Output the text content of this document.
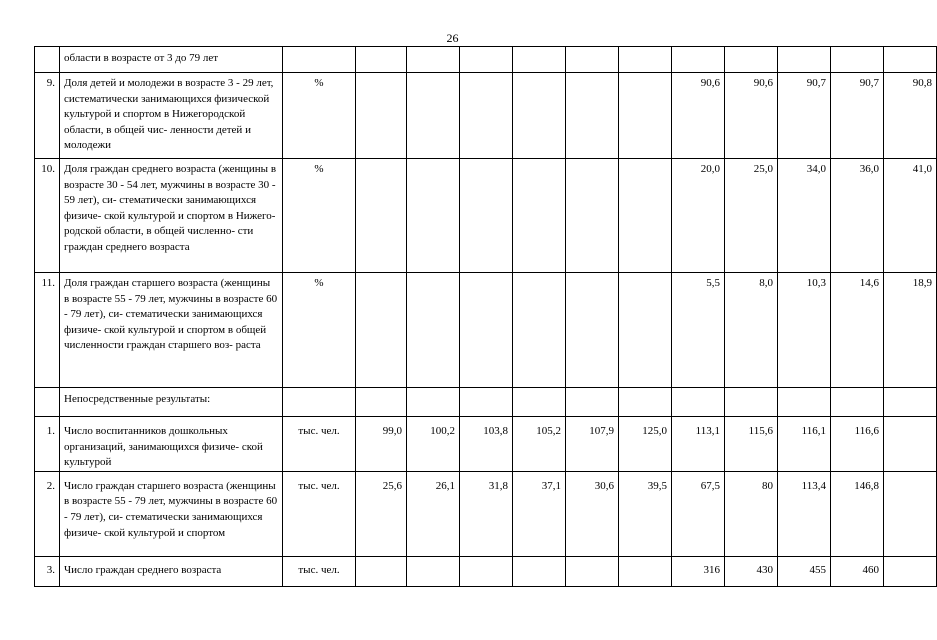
26
	области в возрасте от 3 до 79 лет												
9.	Доля детей и молодежи в возрасте 3 - 29 лет, систематически занимающихся физической культурой и спортом в Нижегородской области, в общей чис- ленности детей и молодежи	%							90,6	90,6	90,7	90,7	90,8
10.	Доля граждан среднего возраста (женщины в возрасте 30 - 54 лет, мужчины в возрасте 30 - 59 лет), си- стематически занимающихся физиче- ской культурой и спортом в Нижего- родской области, в общей численно- сти граждан среднего возраста	%							20,0	25,0	34,0	36,0	41,0
11.	Доля граждан старшего возраста (женщины в возрасте 55 - 79 лет, мужчины в возрасте 60 - 79 лет), си- стематически занимающихся физиче- ской культурой и спортом в общей численности граждан старшего воз- раста	%							5,5	8,0	10,3	14,6	18,9
	Непосредственные результаты:												
1.	Число воспитанников дошкольных организаций, занимающихся физиче- ской культурой	тыс. чел.	99,0	100,2	103,8	105,2	107,9	125,0	113,1	115,6	116,1	116,6	
2.	Число граждан старшего возраста (женщины в возрасте 55 - 79 лет, мужчины в возрасте 60 - 79 лет), си- стематически занимающихся физиче- ской культурой и спортом	тыс. чел.	25,6	26,1	31,8	37,1	30,6	39,5	67,5	80	113,4	146,8	
3.	Число граждан среднего возраста	тыс. чел.							316	430	455	460	
